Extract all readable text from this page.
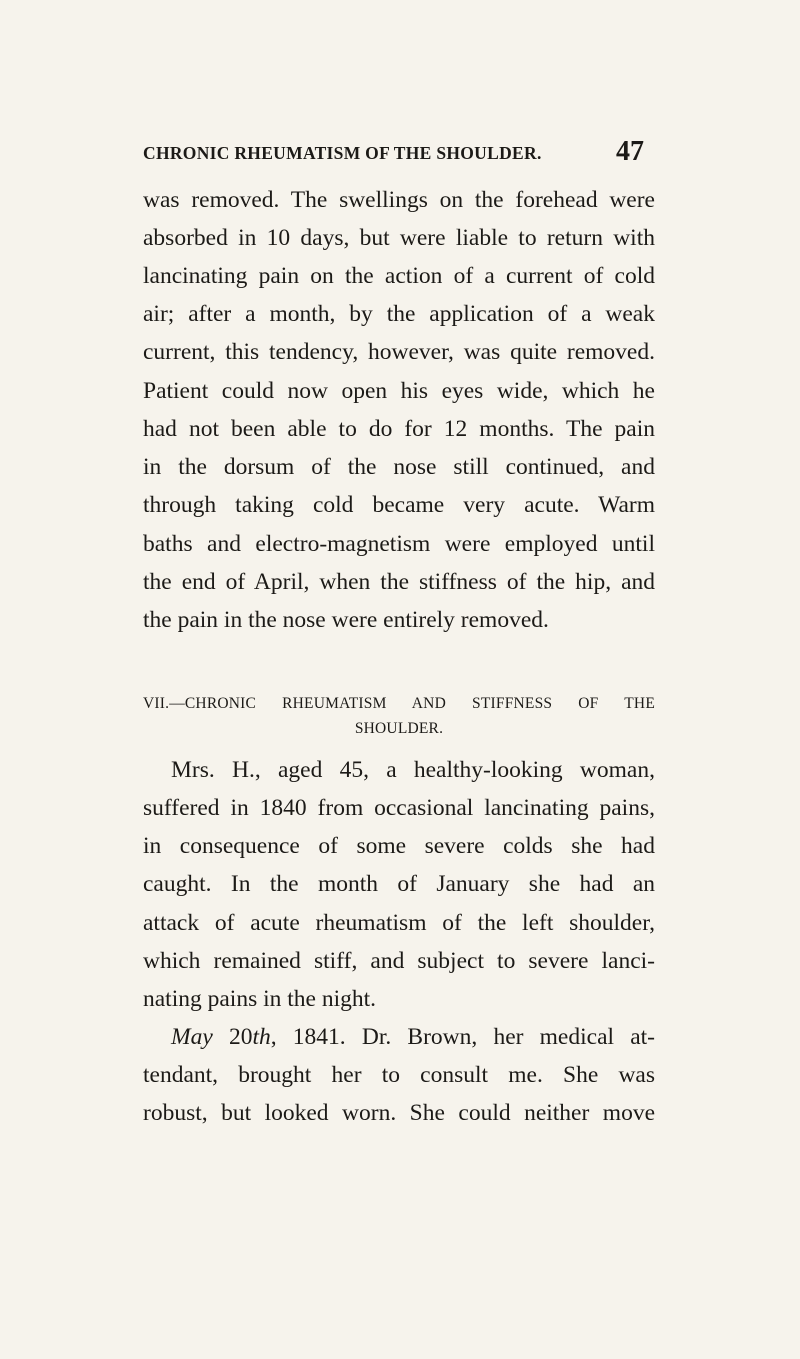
CHRONIC RHEUMATISM OF THE SHOULDER.	47
was removed. The swellings on the forehead were
absorbed in 10 days, but were liable to return with
lancinating pain on the action of a current of cold
air; after a month, by the application of a weak
current, this tendency, however, was quite removed.
Patient could now open his eyes wide, which he
had not been able to do for 12 months. The pain
in the dorsum of the nose still continued, and
through taking cold became very acute. Warm
baths and electro-magnetism were employed until
the end of April, when the stiffness of the hip, and
the pain in the nose were entirely removed.
VII.—CHRONIC RHEUMATISM AND STIFFNESS OF THE
SHOULDER.
Mrs. H., aged 45, a healthy-looking woman,
suffered in 1840 from occasional lancinating pains,
in consequence of some severe colds she had
caught. In the month of January she had an
attack of acute rheumatism of the left shoulder,
which remained stiff, and subject to severe lanci-
nating pains in the night.
May 20th, 1841. Dr. Brown, her medical at-
tendant, brought her to consult me. She was
robust, but looked worn. She could neither move
